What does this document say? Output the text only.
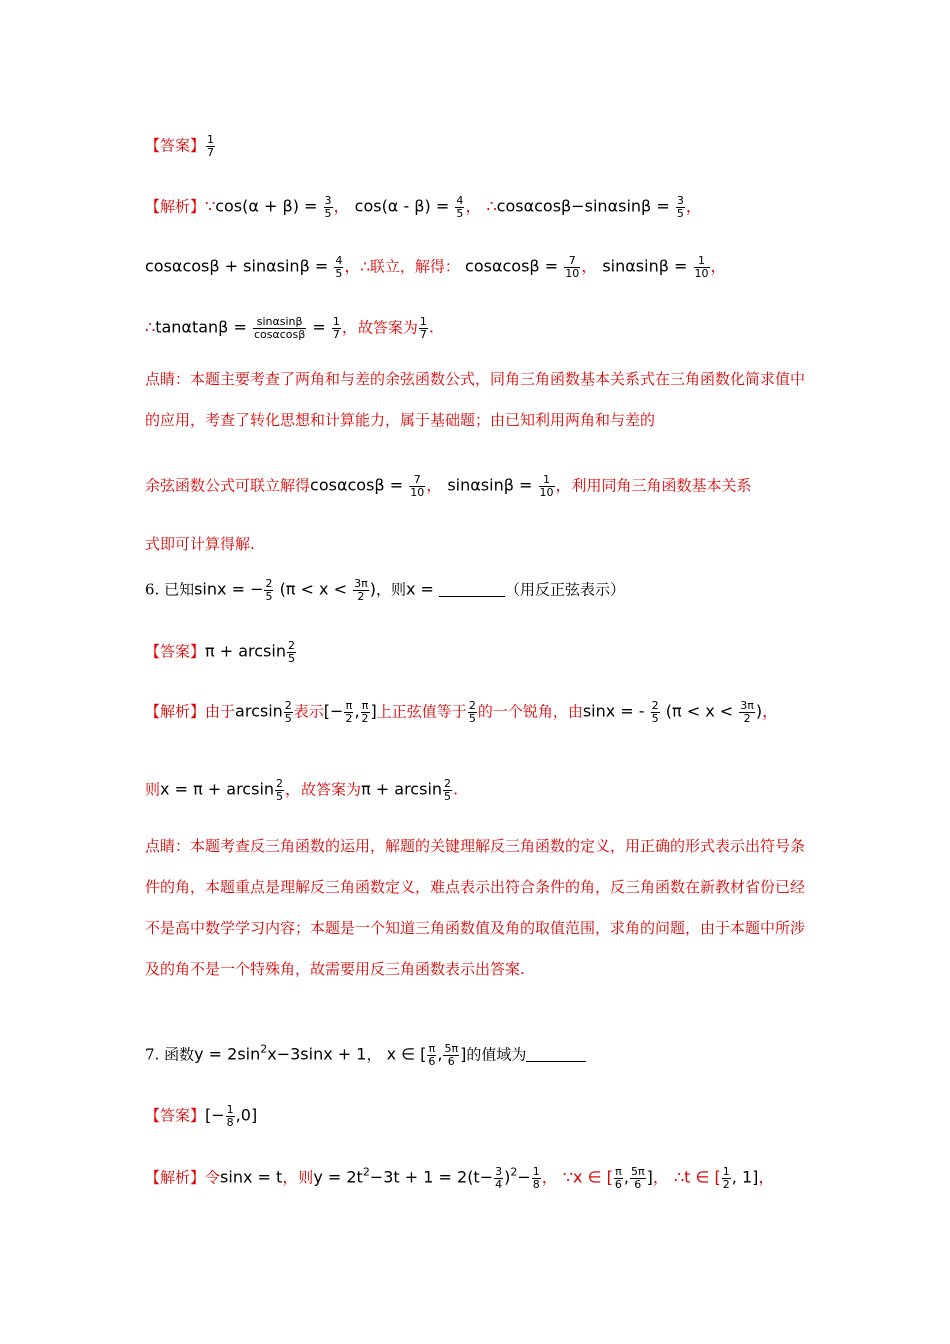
【答案】 $\frac{1}{7}$
【解析】∵cos(α + $\beta) = \frac{3}{5}$ ， $\cos(\alpha - \beta) = \frac{4}{5}$ ， ∴cosαcosβ−sinαsinβ = $\frac{3}{5}$ ，
$\cos\alpha\cos\beta + \sin\alpha\sin\beta = \frac{4}{5}$ ，∴联立，解得： $\cos\alpha\cos\beta = \frac{7}{10}$ ， $\sin\alpha\sin\beta = \frac{1}{10}$ ，
∴tanαtanβ = $\frac{\sin\alpha\sin\beta}{\cos\alpha\cos\beta} = \frac{1}{7}$ ，故答案为 $\frac{1}{7}$ .
点睛：本题主要考查了两角和与差的余弦函数公式，同角三角函数基本关系式在三角函数化简求值中的应用，考查了转化思想和计算能力，属于基础题；由已知利用两角和与差的
余弦函数公式可联立解得$\cos\alpha\cos\beta = \frac{7}{10}$ ， $\sin\alpha\sin\beta = \frac{1}{10}$ ，利用同角三角函数基本关系
式即可计算得解.
6. 已知sinx = − $\frac{2}{5} (\pi < x < \frac{3\pi}{2}$ )，则x =	（用反正弦表示）
【答案】$\pi + \arcsin \frac{2}{5}$
【解析】由于$\arcsin \frac{2}{5}$ 表示[− $\frac{\pi}{2}$ , $\frac{\pi}{2}$ ]上正弦值等于 $\frac{2}{5}$ 的一个锐角，由sinx = - $\frac{2}{5} (\pi < x < \frac{3\pi}{2}$ )，
则$x = \pi + \arcsin \frac{2}{5}$ ，故答案为$\pi + \arcsin \frac{2}{5}$ .
点睛：本题考查反三角函数的运用，解题的关键理解反三角函数的定义，用正确的形式表示出符号条件的角，本题重点是理解反三角函数定义，难点表示出符合条件的角，反三角函数在新教材省份已经不是高中数学学习内容；本题是一个知道三角函数值及角的取值范围，求角的问题，由于本题中所涉及的角不是一个特殊角，故需要用反三角函数表示出答案.
7. 函数$y = 2\sin^2x-3\sin x + 1$， x ∈ [ $\frac{\pi}{6}$ , $\frac{5\pi}{6}$ ]的值域为
【答案】[− $\frac{1}{8} ,0$]
【解析】令sinx = t，则$y = 2t^2-3t + 1 = 2(t- \frac{3}{4} )^2- \frac{1}{8}$ ， ∵x ∈ [ $\frac{\pi}{6}$ , $\frac{5\pi}{6}$ ]， ∴t ∈ [ $\frac{1}{2}$ , 1]，
